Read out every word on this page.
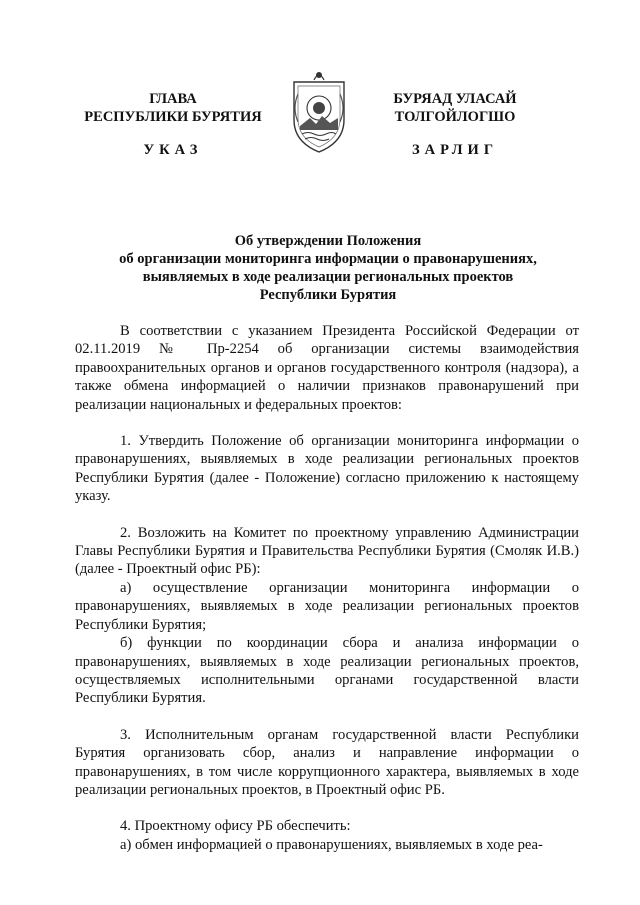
ГЛАВА
РЕСПУБЛИКИ БУРЯТИЯ
УКАЗ
БУРЯАД УЛАСАЙ
ТОЛГОЙЛОГШО
ЗАРЛИГ
Об утверждении Положения
об организации мониторинга информации о правонарушениях,
выявляемых в ходе реализации региональных проектов
Республики Бурятия

В соответствии с указанием Президента Российской Федерации от 02.11.2019 № Пр-2254 об организации системы взаимодействия правоохранительных органов и органов государственного контроля (надзора), а также обмена информацией о наличии признаков правонарушений при реализации национальных и федеральных проектов:

1. Утвердить Положение об организации мониторинга информации о правонарушениях, выявляемых в ходе реализации региональных проектов Республики Бурятия (далее - Положение) согласно приложению к настоящему указу.

2. Возложить на Комитет по проектному управлению Администрации Главы Республики Бурятия и Правительства Республики Бурятия (Смоляк И.В.) (далее - Проектный офис РБ):

а) осуществление организации мониторинга информации о правонарушениях, выявляемых в ходе реализации региональных проектов Республики Бурятия;

б) функции по координации сбора и анализа информации о правонарушениях, выявляемых в ходе реализации региональных проектов, осуществляемых исполнительными органами государственной власти Республики Бурятия.

3. Исполнительным органам государственной власти Республики Бурятия организовать сбор, анализ и направление информации о правонарушениях, в том числе коррупционного характера, выявляемых в ходе реализации региональных проектов, в Проектный офис РБ.

4. Проектному офису РБ обеспечить:

а) обмен информацией о правонарушениях, выявляемых в ходе реа-
